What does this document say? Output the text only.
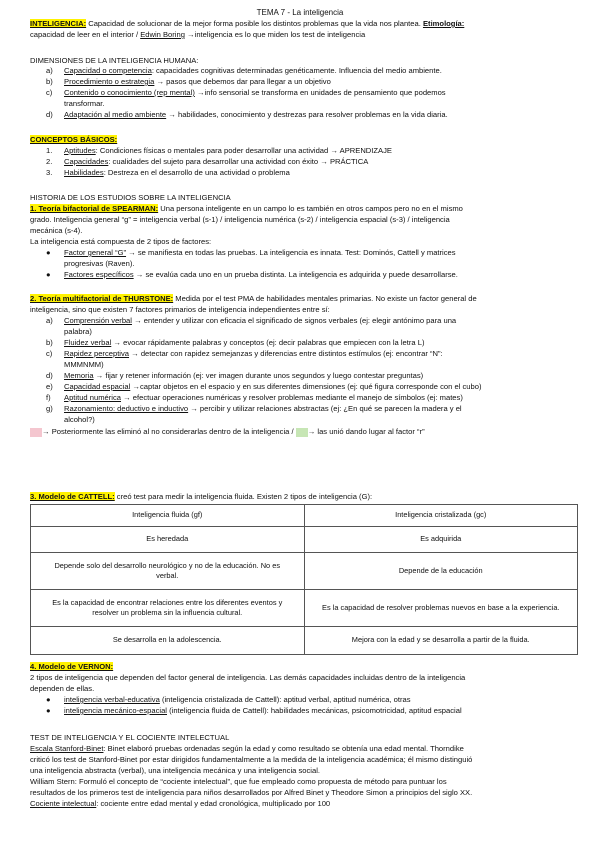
TEMA 7 - La inteligencia
INTELIGENCIA: Capacidad de solucionar de la mejor forma posible los distintos problemas que la vida nos plantea. Etimología:
capacidad de leer en el interior / Edwin Boring →inteligencia es lo que miden los test de inteligencia
DIMENSIONES DE LA INTELIGENCIA HUMANA:
a)	Capacidad o competencia: capacidades cognitivas determinadas genéticamente. Influencia del medio ambiente.
b)	Procedimiento o estrategia → pasos que debemos dar para llegar a un objetivo
c)	Contenido o conocimiento (rep mental) →info sensorial se transforma en unidades de pensamiento que podemos
transformar.
d)	Adaptación al medio ambiente → habilidades, conocimiento y destrezas para resolver problemas en la vida diaria.
CONCEPTOS BÁSICOS:
1.	Aptitudes: Condiciones físicas o mentales para poder desarrollar una actividad → APRENDIZAJE
2.	Capacidades: cualidades del sujeto para desarrollar una actividad con éxito → PRÁCTICA
3.	Habilidades: Destreza en el desarrollo de una actividad o problema
HISTORIA DE LOS ESTUDIOS SOBRE LA INTELIGENCIA
1. Teoría bifactorial de SPEARMAN: Una persona inteligente en un campo lo es también en otros campos pero no en el mismo
grado. Inteligencia general “g” = inteligencia verbal (s-1) / inteligencia numérica (s-2) / inteligencia espacial (s-3) / inteligencia
mecánica (s-4).
La inteligencia está compuesta de 2 tipos de factores:
●	Factor general “G” → se manifiesta en todas las pruebas. La inteligencia es innata. Test: Dominós, Cattell y matrices
progresivas (Raven).
●	Factores específicos → se evalúa cada uno en un prueba distinta. La inteligencia es adquirida y puede desarrollarse.
2. Teoría multifactorial de THURSTONE: Medida por el test PMA de habilidades mentales primarias. No existe un factor general de
inteligencia, sino que existen 7 factores primarios de inteligencia independientes entre sí:
a)	Comprensión verbal → entender y utilizar con eficacia el significado de signos verbales (ej: elegir antónimo para una
palabra)
b)	Fluidez verbal → evocar rápidamente palabras y conceptos (ej: decir palabras que empiecen con la letra L)
c)	Rapidez perceptiva → detectar con rapidez semejanzas y diferencias entre distintos estímulos (ej: encontrar “N”:
MMMNMM)
d)	Memoria → fijar y retener información (ej: ver imagen durante unos segundos y luego contestar preguntas)
e)	Capacidad espacial →captar objetos en el espacio y en sus diferentes dimensiones (ej: qué figura corresponde con el cubo)
f)	Aptitud numérica → efectuar operaciones numéricas y resolver problemas mediante el manejo de símbolos (ej: mates)
g)	Razonamiento: deductivo e inductivo → percibir y utilizar relaciones abstractas (ej: ¿En qué se parecen la madera y el
alcohol?)
→ Posteriormente las eliminó al no considerarlas dentro de la inteligencia / → las unió dando lugar al factor “r”
3. Modelo de CATTELL: creó test para medir la inteligencia fluida. Existen 2 tipos de inteligencia (G):
Inteligencia fluida (gf)	Inteligencia cristalizada (gc)
Es heredada	Es adquirida
Depende solo del desarrollo neurológico y no de la educación. No es verbal.	Depende de la educación
Es la capacidad de encontrar relaciones entre los diferentes eventos y resolver un problema sin la influencia cultural.	Es la capacidad de resolver problemas nuevos en base a la experiencia.
Se desarrolla en la adolescencia.	Mejora con la edad y se desarrolla a partir de la fluida.
4. Modelo de VERNON:
2 tipos de inteligencia que dependen del factor general de inteligencia. Las demás capacidades incluidas dentro de la inteligencia
dependen de ellas.
●	inteligencia verbal-educativa (inteligencia cristalizada de Cattell): aptitud verbal, aptitud numérica, otras
●	inteligencia mecánico-espacial (inteligencia fluida de Cattell): habilidades mecánicas, psicomotricidad, aptitud espacial
TEST DE INTELIGENCIA Y EL COCIENTE INTELECTUAL
Escala Stanford-Binet: Binet elaboró pruebas ordenadas según la edad y como resultado se obtenía una edad mental. Thorndike
criticó los test de Stanford-Binet por estar dirigidos fundamentalmente a la medida de la inteligencia académica; él mismo distinguió
una inteligencia abstracta (verbal), una inteligencia mecánica y una inteligencia social.
William Stern: Formuló el concepto de “cociente intelectual”, que fue empleado como propuesta de método para puntuar los
resultados de los primeros test de inteligencia para niños desarrollados por Alfred Binet y Theodore Simon a principios del siglo XX.
Cociente intelectual: cociente entre edad mental y edad cronológica, multiplicado por 100
